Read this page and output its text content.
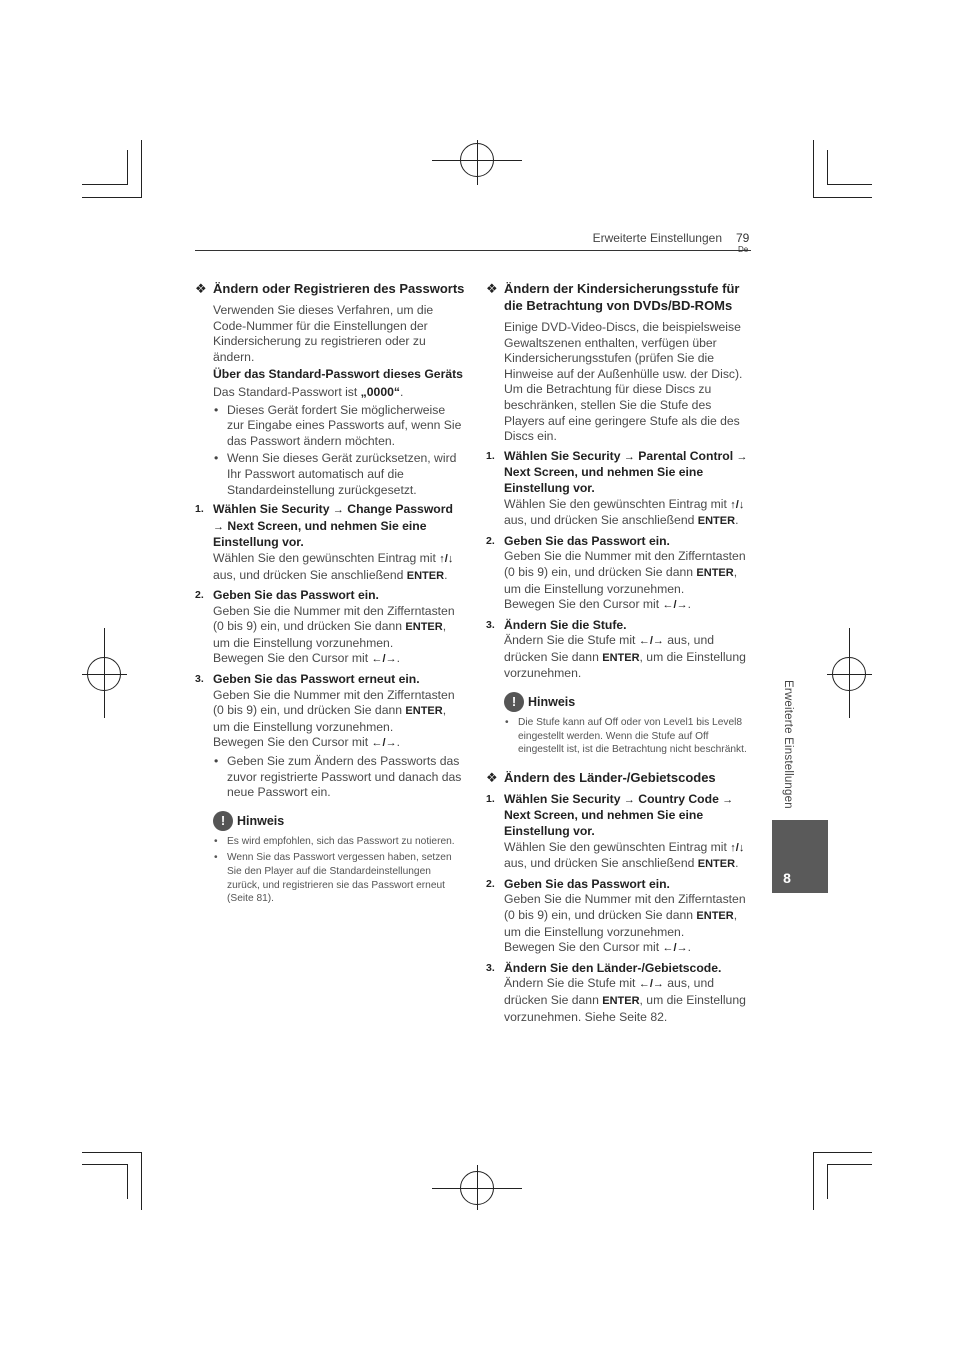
Erweiterte Einstellungen 79
❖ Ändern oder Registrieren des Passworts
Verwenden Sie dieses Verfahren, um die Code-Nummer für die Einstellungen der Kindersicherung zu registrieren oder zu ändern.
Über das Standard-Passwort dieses Geräts
Das Standard-Passwort ist „0000“.
• Dieses Gerät fordert Sie möglicherweise zur Eingabe eines Passworts auf, wenn Sie das Passwort ändern möchten.
• Wenn Sie dieses Gerät zurücksetzen, wird Ihr Passwort automatisch auf die Standardeinstellung zurückgesetzt.
1. Wählen Sie Security → Change Password → Next Screen, und nehmen Sie eine Einstellung vor.
Wählen Sie den gewünschten Eintrag mit ↑/↓ aus, und drücken Sie anschließend ENTER.
2. Geben Sie das Passwort ein.
Geben Sie die Nummer mit den Zifferntasten (0 bis 9) ein, und drücken Sie dann ENTER, um die Einstellung vorzunehmen.
Bewegen Sie den Cursor mit ←/→.
3. Geben Sie das Passwort erneut ein.
Geben Sie die Nummer mit den Zifferntasten (0 bis 9) ein, und drücken Sie dann ENTER, um die Einstellung vorzunehmen.
Bewegen Sie den Cursor mit ←/→.
• Geben Sie zum Ändern des Passworts das zuvor registrierte Passwort und danach das neue Passwort ein.
! Hinweis
• Es wird empfohlen, sich das Passwort zu notieren.
• Wenn Sie das Passwort vergessen haben, setzen Sie den Player auf die Standardeinstellungen zurück, und registrieren sie das Passwort erneut (Seite 81).
❖ Ändern der Kindersicherungsstufe für die Betrachtung von DVDs/BD-ROMs
Einige DVD-Video-Discs, die beispielsweise Gewaltszenen enthalten, verfügen über Kindersicherungsstufen (prüfen Sie die Hinweise auf der Außenhülle usw. der Disc). Um die Betrachtung für diese Discs zu beschränken, stellen Sie die Stufe des Players auf eine geringere Stufe als die des Discs ein.
1. Wählen Sie Security → Parental Control → Next Screen, und nehmen Sie eine Einstellung vor.
Wählen Sie den gewünschten Eintrag mit ↑/↓ aus, und drücken Sie anschließend ENTER.
2. Geben Sie das Passwort ein.
Geben Sie die Nummer mit den Zifferntasten (0 bis 9) ein, und drücken Sie dann ENTER, um die Einstellung vorzunehmen.
Bewegen Sie den Cursor mit ←/→.
3. Ändern Sie die Stufe.
Ändern Sie die Stufe mit ←/→ aus, und drücken Sie dann ENTER, um die Einstellung vorzunehmen.
! Hinweis
• Die Stufe kann auf Off oder von Level1 bis Level8 eingestellt werden. Wenn die Stufe auf Off eingestellt ist, ist die Betrachtung nicht beschränkt.
❖ Ändern des Länder-/Gebietscodes
1. Wählen Sie Security → Country Code → Next Screen, und nehmen Sie eine Einstellung vor.
Wählen Sie den gewünschten Eintrag mit ↑/↓ aus, und drücken Sie anschließend ENTER.
2. Geben Sie das Passwort ein.
Geben Sie die Nummer mit den Zifferntasten (0 bis 9) ein, und drücken Sie dann ENTER, um die Einstellung vorzunehmen.
Bewegen Sie den Cursor mit ←/→.
3. Ändern Sie den Länder-/Gebietscode.
Ändern Sie die Stufe mit ←/→ aus, und drücken Sie dann ENTER, um die Einstellung vorzunehmen. Siehe Seite 82.
Erweiterte Einstellungen
8
